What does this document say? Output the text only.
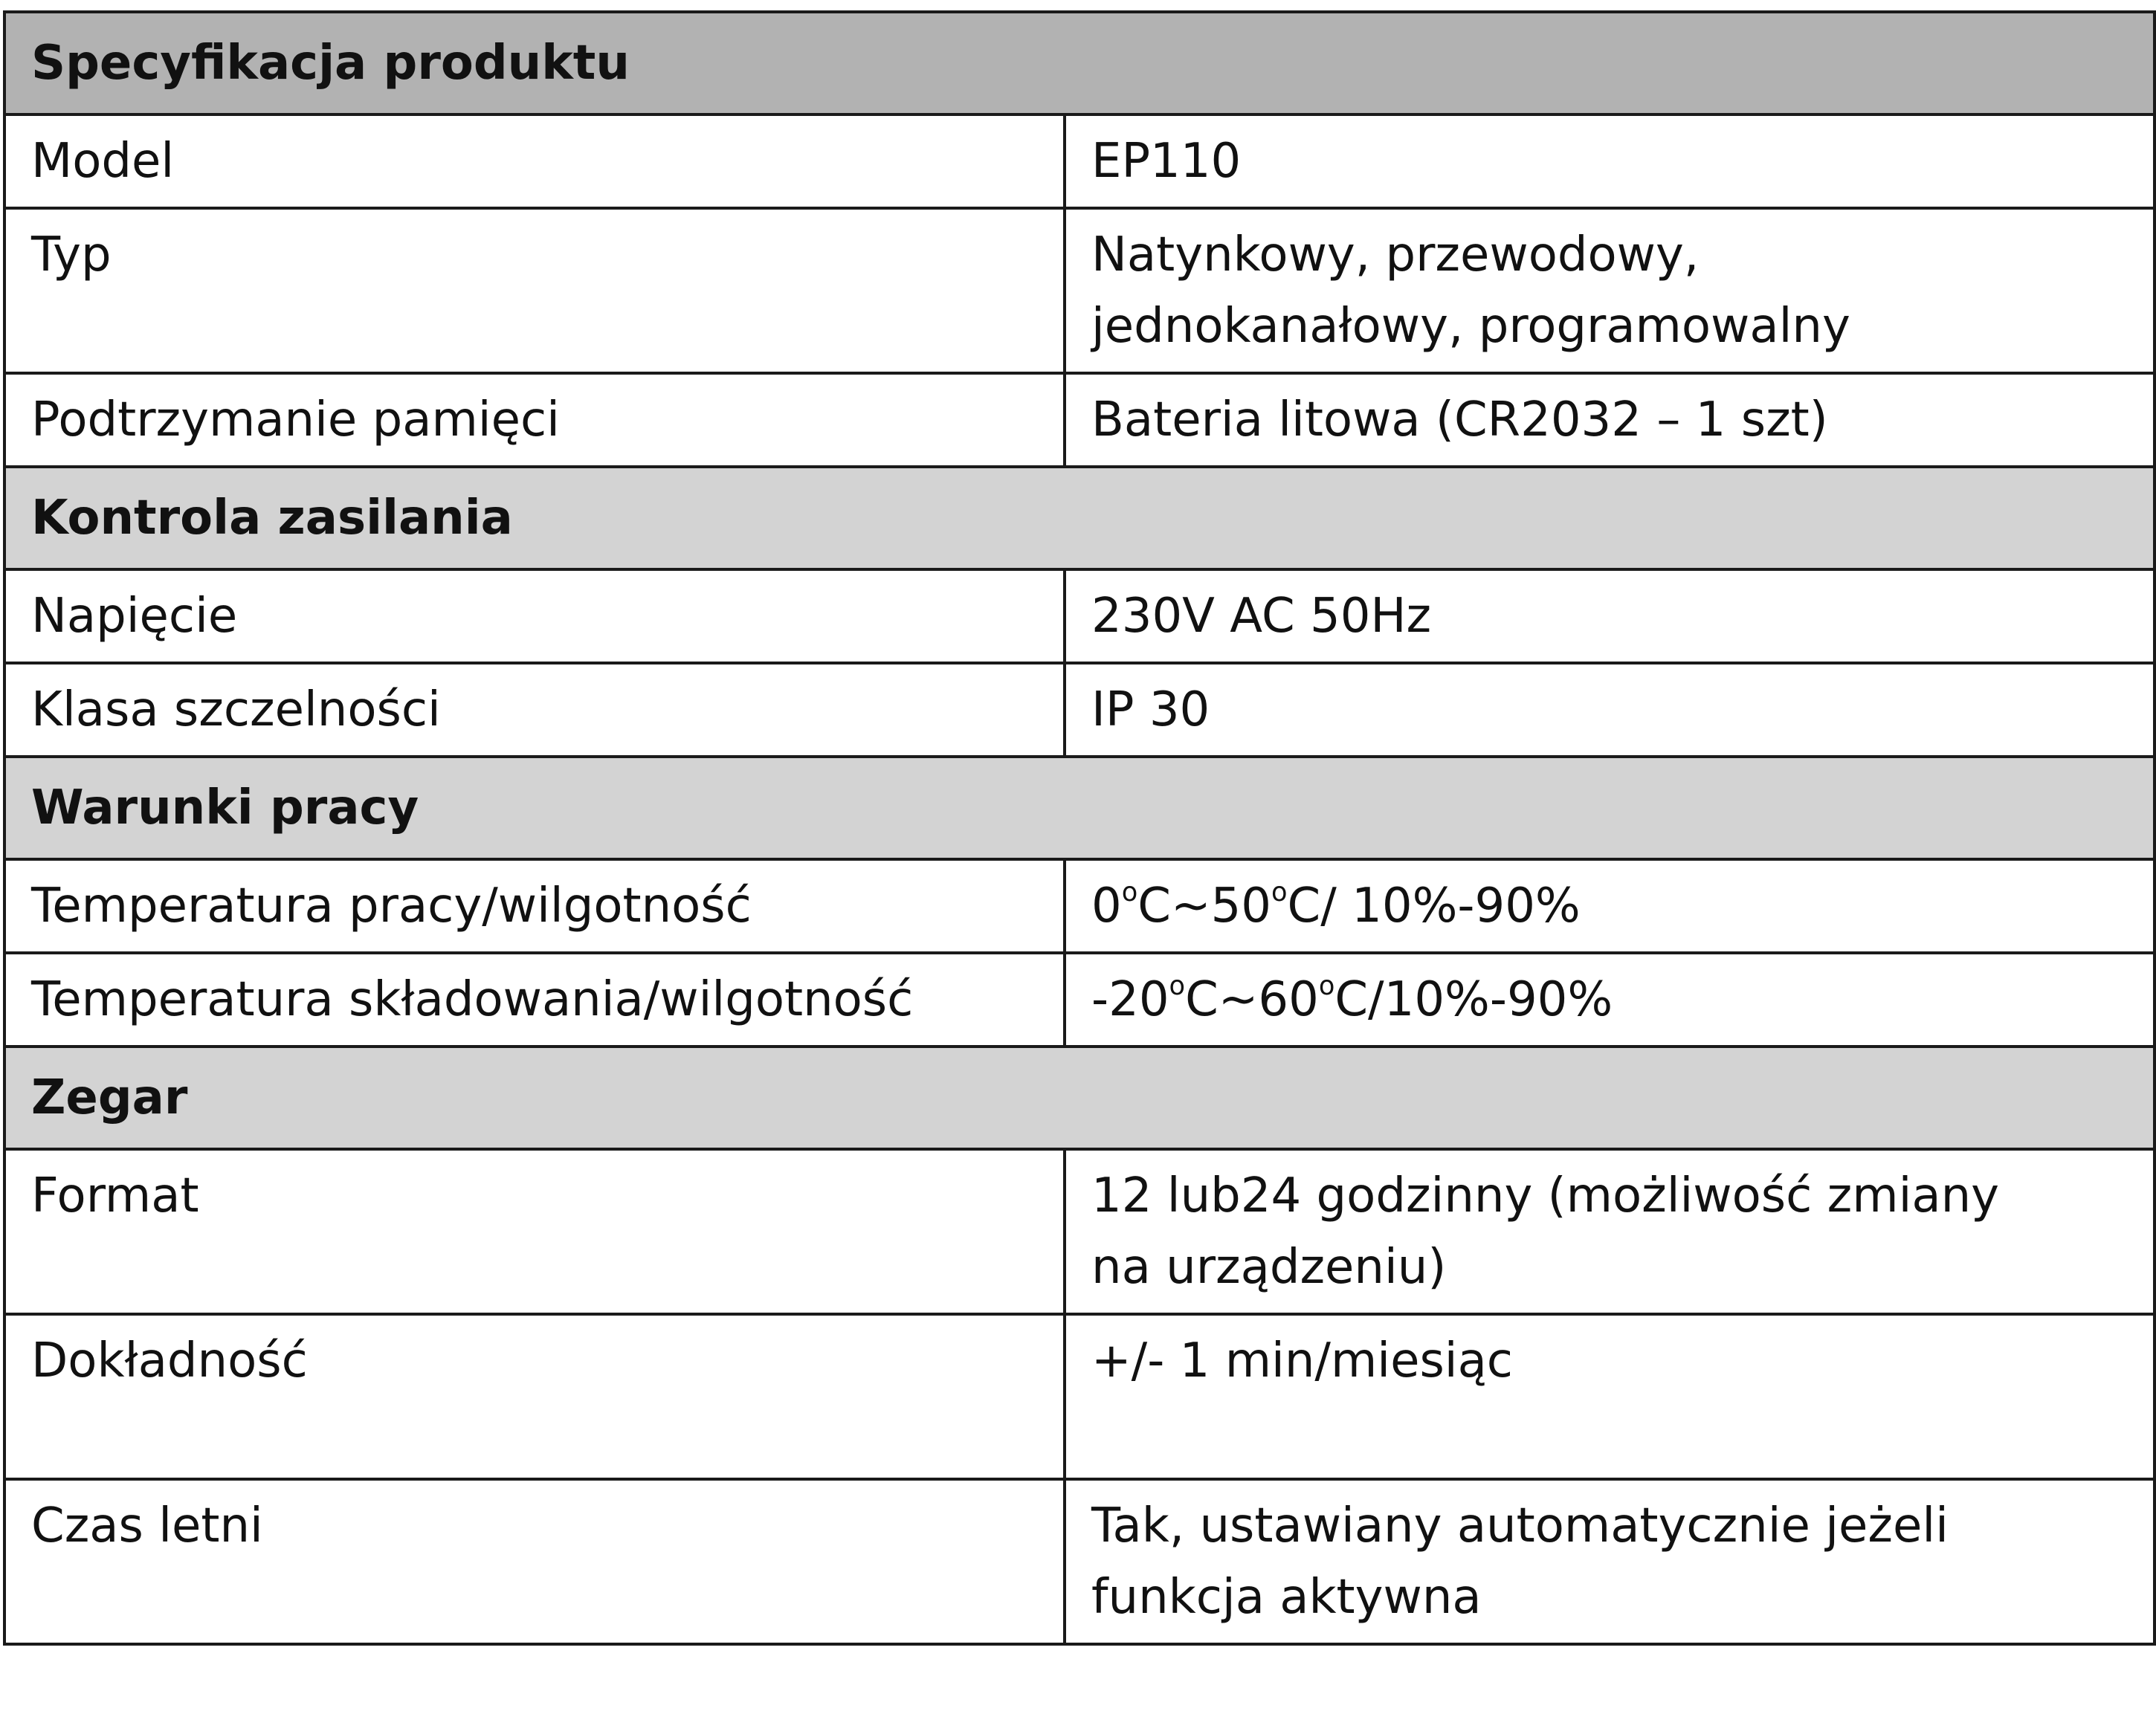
Specyfikacja produktu	
Model	EP110
Typ	Natynkowy, przewodowy,
jednokanałowy, programowalny
Podtrzymanie pamięci	Bateria litowa (CR2032 – 1 szt)
Kontrola zasilania	
Napięcie	230V AC 50Hz
Klasa szczelności	IP 30
Warunki pracy	
Temperatura pracy/wilgotność	0$^o$C~50$^o$C/ 10%-90%
Temperatura składowania/wilgotność	-20$^o$C~60$^o$C/10%-90%
Zegar	
Format	12 lub24 godzinny (możliwość zmiany
na urządzeniu)
Dokładność	+/- 1 min/miesiąc
Czas letni	Tak, ustawiany automatycznie jeżeli
funkcja aktywna
